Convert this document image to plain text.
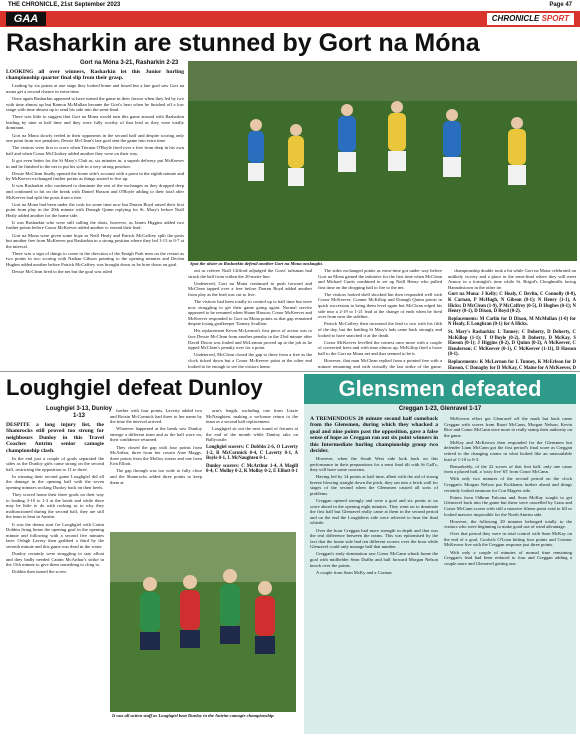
THE CHRONICLE, 21st September 2023	Page 47
GAA	CHRONICLE SPORT
Rasharkin are stunned by Gort na Móna
Gort na Móna 3-21, Rasharkin 2-23

LOOKING all over winners, Rasharkin let this Junior hurling championship quarter final slip from their grasp.

Leading by six points at one stage they looked home and hosed but a late goal saw Gort na mona get a second chance in extra-time.

Once again Rasharkin appeared to have turned the game in their favour when they led by two with time almost up but Ramon McMullan became the Gort's hero when he finished off a low range with time almost up to send his side into the semi-final.

There was little to suggest that Gort na Mona would turn this game around with Rasharkin leading by nine at half time and they were fully worthy of that lead as they were totally dominant.

Gort na Mona slowly reeled in their opponents in the second half and despite scoring only one point from two penalties, Dessie McClean's late goal sent the game into extra time.

The visitors were first to score when Tiernan O'Boyle fired over a free from deep in his own half and when Conor McCloskey added another they were on their way.

It got even better for the St Mary's Club as, six minutes in, a superb delivery put McKeever in and he finished to the net to put his side in a very strong position.

Dessie McClean finally opened the home side's account with a point in the eighth minute and by McKeever exchanged further points as things started to live up.

It was Rasharkin who continued to dominate the rest of the exchanges as they dropped deep and continued to hit on the break with Daniel Hasson and O'Boyle adding to their total after McKeever had split the posts from a free.

Gort na Mona had been under the cosh for some time now but Darren Boyd raised their first point from play in the 20th minute with Donagh Quinn replying for St. Mary's before Niall Healy added another for the home side.

It was Rasharkin who were still calling the shots, however, as James Higgins added two further points before Conor McKeever added another to extend their lead.

Gort na Mona were given some hope as Neill Healy and Patrick McCaffrey split the posts but another free from McKeever put Rasharkin in a strong position where they led 1-13 to 0-7 at the interval.

There was a sign of things to come in the direction of the Emigh Park men on the restart as two points in two scoring with Nathan Gibson pointing to the opening minutes and Declan Hughes added another before Patrick McCaffrey was brought down as he bore down on goal.

Dessie McClean fired to the net but the goal was ruled

Spot the ulster as Rasharkin defend another Gort na Mona onslaught.

out as referee Niall Clifford adjudged the Gorts' talisman had struck the ball from within the 20-metre line.

Undeterred, Gort na Mona continued to push forward and McClean tapped over a free before Darren Boyd added another from play as the lead was cut to five.

The visitors had been totally in control up to half time but were now struggling to get their game going again. Normal service appeared to be resumed when Shane Hasson, Conor McKeever and McKeever responded to Gort na Mona points as that gap remained despite losing goalkeeper Tiarney Scullion.

His replacement Kevin McLernon's first piece of action was to face Dessie McClean from another penalty in the 23rd minute after David Dixon was fouled and McLernon proved up to the job as he tipped McClean's penalty over for a point.

Undeterred, McClean closed the gap to three from a free as the clock ticked down but a Conor McKeever point at the other end looked to be enough to see the visitors home.

The sides exchanged points as extra-time got under way before Gort na Mona gained the initiative for the first time when McClean and Michael Curtis combined to set up Neill Henry who pulled first time on the dropping ball to fire to the net.

The visitors looked shell shocked but then responded well with Conor McKeever, Conner McKillop and Donagh Quinn points in quick succession to bring them level again but McClean edged his side into a 2-19 to 1-21 lead at the change of ends when he fired over from near the sideline.

Patrick McCaffrey then increased the lead to two with his fifth of the day, but the battling St Mary's lads came back strongly and looked to have snatched it at the death.

Conor McKeever levelled the contest once more with a couple of converted frees and with time almost up, McKillop fired a loose ball to the Gort na Mona net and that seemed to be it.

However, that man McClean replied from a pointed free with a minute remaining and with virtually the last strike of the game,

championship double took a hit while Gort na Mona celebrated an unlikely victory and a place in the semi-final where they will meet Armoy in a fortnight's time while St. Brigid's Cloughmills facing Hannahstown in the other tie.

Gort na Mona: J Kelly; C Healy, C Devlin, C Connolly (0-0), K Carnan, P McHugh, N Gibson (0-1); N Henry (1-1), A Hicks; D McClean (1-9), P McCaffrey (0-5), D Hughes (0-1); N Henry (0-1), D Dixon, D Boyd (0-2).

Replacements: M Carlin for D Dixon, M McMullan (1-0) for N Healy, E Loughran (0-1) for A Hicks.

St. Mary's Rasharkin: L Tunney; C Doherty, D Doherty, C McKillop (1-1); T O'Boyle (0-2), B Doherty, D McKay, S Hasson (0-1); J Higgins (0-2), D Quinn (0-2), A McKeever, C Henderson; C McKeever (0-1), C McKeever (1-11), D Hasson (0-1).

Replacements: K McLernon for L Tunney, K McErlean for D Hasson, C Donaghy for D McKay, C Maine for A McKeever, D

Loughgiel defeat Dunloy
Loughgiel 3-13, Dunloy
1-13

DESPITE a long injury list, the Shamrocks still proved too strong for neighbours Dunloy in this Travel Coaches Antrim senior camogie championship clash.

In the end just a couple of goals separated the sides as the Dunloy girls came strong on the second half, restricting the opposition to 11 to three.

In winning their second game Loughgiel did all the damage in the opening half with the seven opening minutes rocking Dunloy back on their heels.

They scored home their three goals on their way to leading 3-10 to 1-2 at the break and while there may be little to do with rocking as to why they malfunctioned during the second half, they are still the team to beat in Antrim.

It was the dream start for Loughgiel with Catrin Dobbin firing home the opening goal in the opening minute and following with a second five minutes later. Orlagh Lavery then grabbed a third by the seventh minute and this game was dead in the water.

Dunloy certainly were struggling to stay afloat and they badly needed Cainin McArthur's strike in the 15th minute to give them something to cling to.

Dobbin then turned the screw

further with four points, Laverty added two and Roisin McCormick had three to her name by the time the interval arrived.

Whatever happened at the break saw Dunloy emerge a different team and as the half wore on, their confidence returned.

They closed the gap with four points from McArthur, three from her cousin Aine Maggs, three points from the Molloy sisters and one from Erin Elliott.

The gap through was too wide to fully close and the Shamrocks added three points to keep them at

arm's length, including one from Lizzie McNaughten, making a welcome return to the team as a second half replacement.

Loughgiel sit out the next round of fixtures at the end of the month while Dunloy take on Ballycastle.

Loughgiel scorers: C Dobbin 2-6, O Laverty 1-2, R McCormick 0-4, C Laverty 0-1, A Boyle 0-1, L McNaughten 0-1.

Dunloy scorers: C McArthur 1-4, A Magill 0-4, C Molloy 0-2, K Molloy 0-2, E Elliott 0-1

It was all action stuff as Loughgiel beat Dunloy in the Antrim camogie championship.
Glensmen defeated
Creggan 1-23, Glenravel 1-17

A TREMENDOUS 20 minute second half comeback from the Glensmen, during which they whacked a goal and nine points past the opposition, gave a false sense of hope as Creggan ran out six point winners in this Intermediate hurling championship group two decider.

However, when the South West side look back on this performance in their preparations for a semi final tilt with St Gall's, they will have some concerns.

Having led by 14 points at half time, albeit with the aid of strong breeze blowing straight down the pitch, they ran into a brick wall for stages of the second when the Glensmen caused all sorts of problems.

Creggan opened strongly and were a goal and six points to no score ahead in the opening eight minutes. They went on to dominate the first half but Glenravel really came at them in the second period and on the end the Loughdiers side were relieved to hear the final whistle.

Over the hour Creggan had more strength in depth and that was the real difference between the teams. This was epitomised by the fact that the home side had ten different scorers over the hour while Glenravel could only manage half that number.

Creggan's early domination saw Conor McCann whack home the goal with midfielder Sean Duffin and half forward Morgan Nelson knock over the points.

A couple from Sean McKy and a Cormac

McKeown effort got Glenravel off the mark but back came Creggan with scores from Ruari McCann, Morgan Nelson, Kevin Rice and Conor McCann once more to really stamp their authority on the game.

McKay and McKeown then responded for the Glensmen but defender Liam McCann got the first period's final score as Creggan retired to the changing rooms in what looked like an unassailable lead of 1-10 to 0-3.

Remarkably, of the 22 scores of that first half, only one came from a placed ball, a 'sixty five' 65' from Conor McCann.

With only two minutes of the second period on the clock Creggan's Morgan Nelson put Kickhams further ahead and things certainly looked ominous for Con Magees side.

Points from Odhran Falcona and Sean McKay sought to get Glenravel back into the game but these were cancelled by Liam and Conor McCann scores with still a massive fifteen point void to fill or looked massive impossible for the North Antrim side.

However, the following 20 minutes belonged totally to the visitors who were beginning to make good use of wind advantage.

Over that period they were in total control with Sean McKay on the end of a goal, Coolcifs O'Loan hitting four points and Cormac McKeown five with the Creggan response just three points.

With only a couple of minutes of normal time remaining Creggan's lead had been reduced to four and Creggan adding a couple more and Glenravel getting one.
